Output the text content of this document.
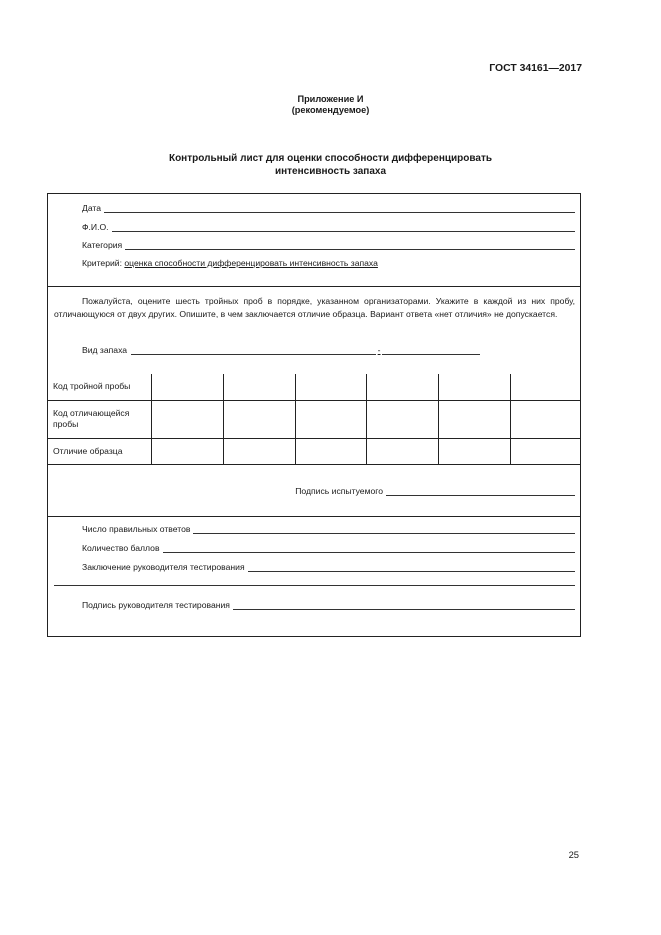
ГОСТ 34161—2017
Приложение И
(рекомендуемое)
Контрольный лист для оценки способности дифференцировать
интенсивность запаха
Дата
Ф.И.О.
Категория
Критерий: оценка способности дифференцировать интенсивность запаха
Пожалуйста, оцените шесть тройных проб в порядке, указанном организаторами. Укажите в каждой из них пробу, отличающуюся от двух других. Опишите, в чем заключается отличие образца. Вариант ответа «нет отличия» не допускается.
Вид запаха	-
Код тройной пробы						
Код отличающейся пробы						
Отличие образца						
Подпись испытуемого
Число правильных ответов
Количество баллов
Заключение руководителя тестирования
Подпись руководителя тестирования
25
